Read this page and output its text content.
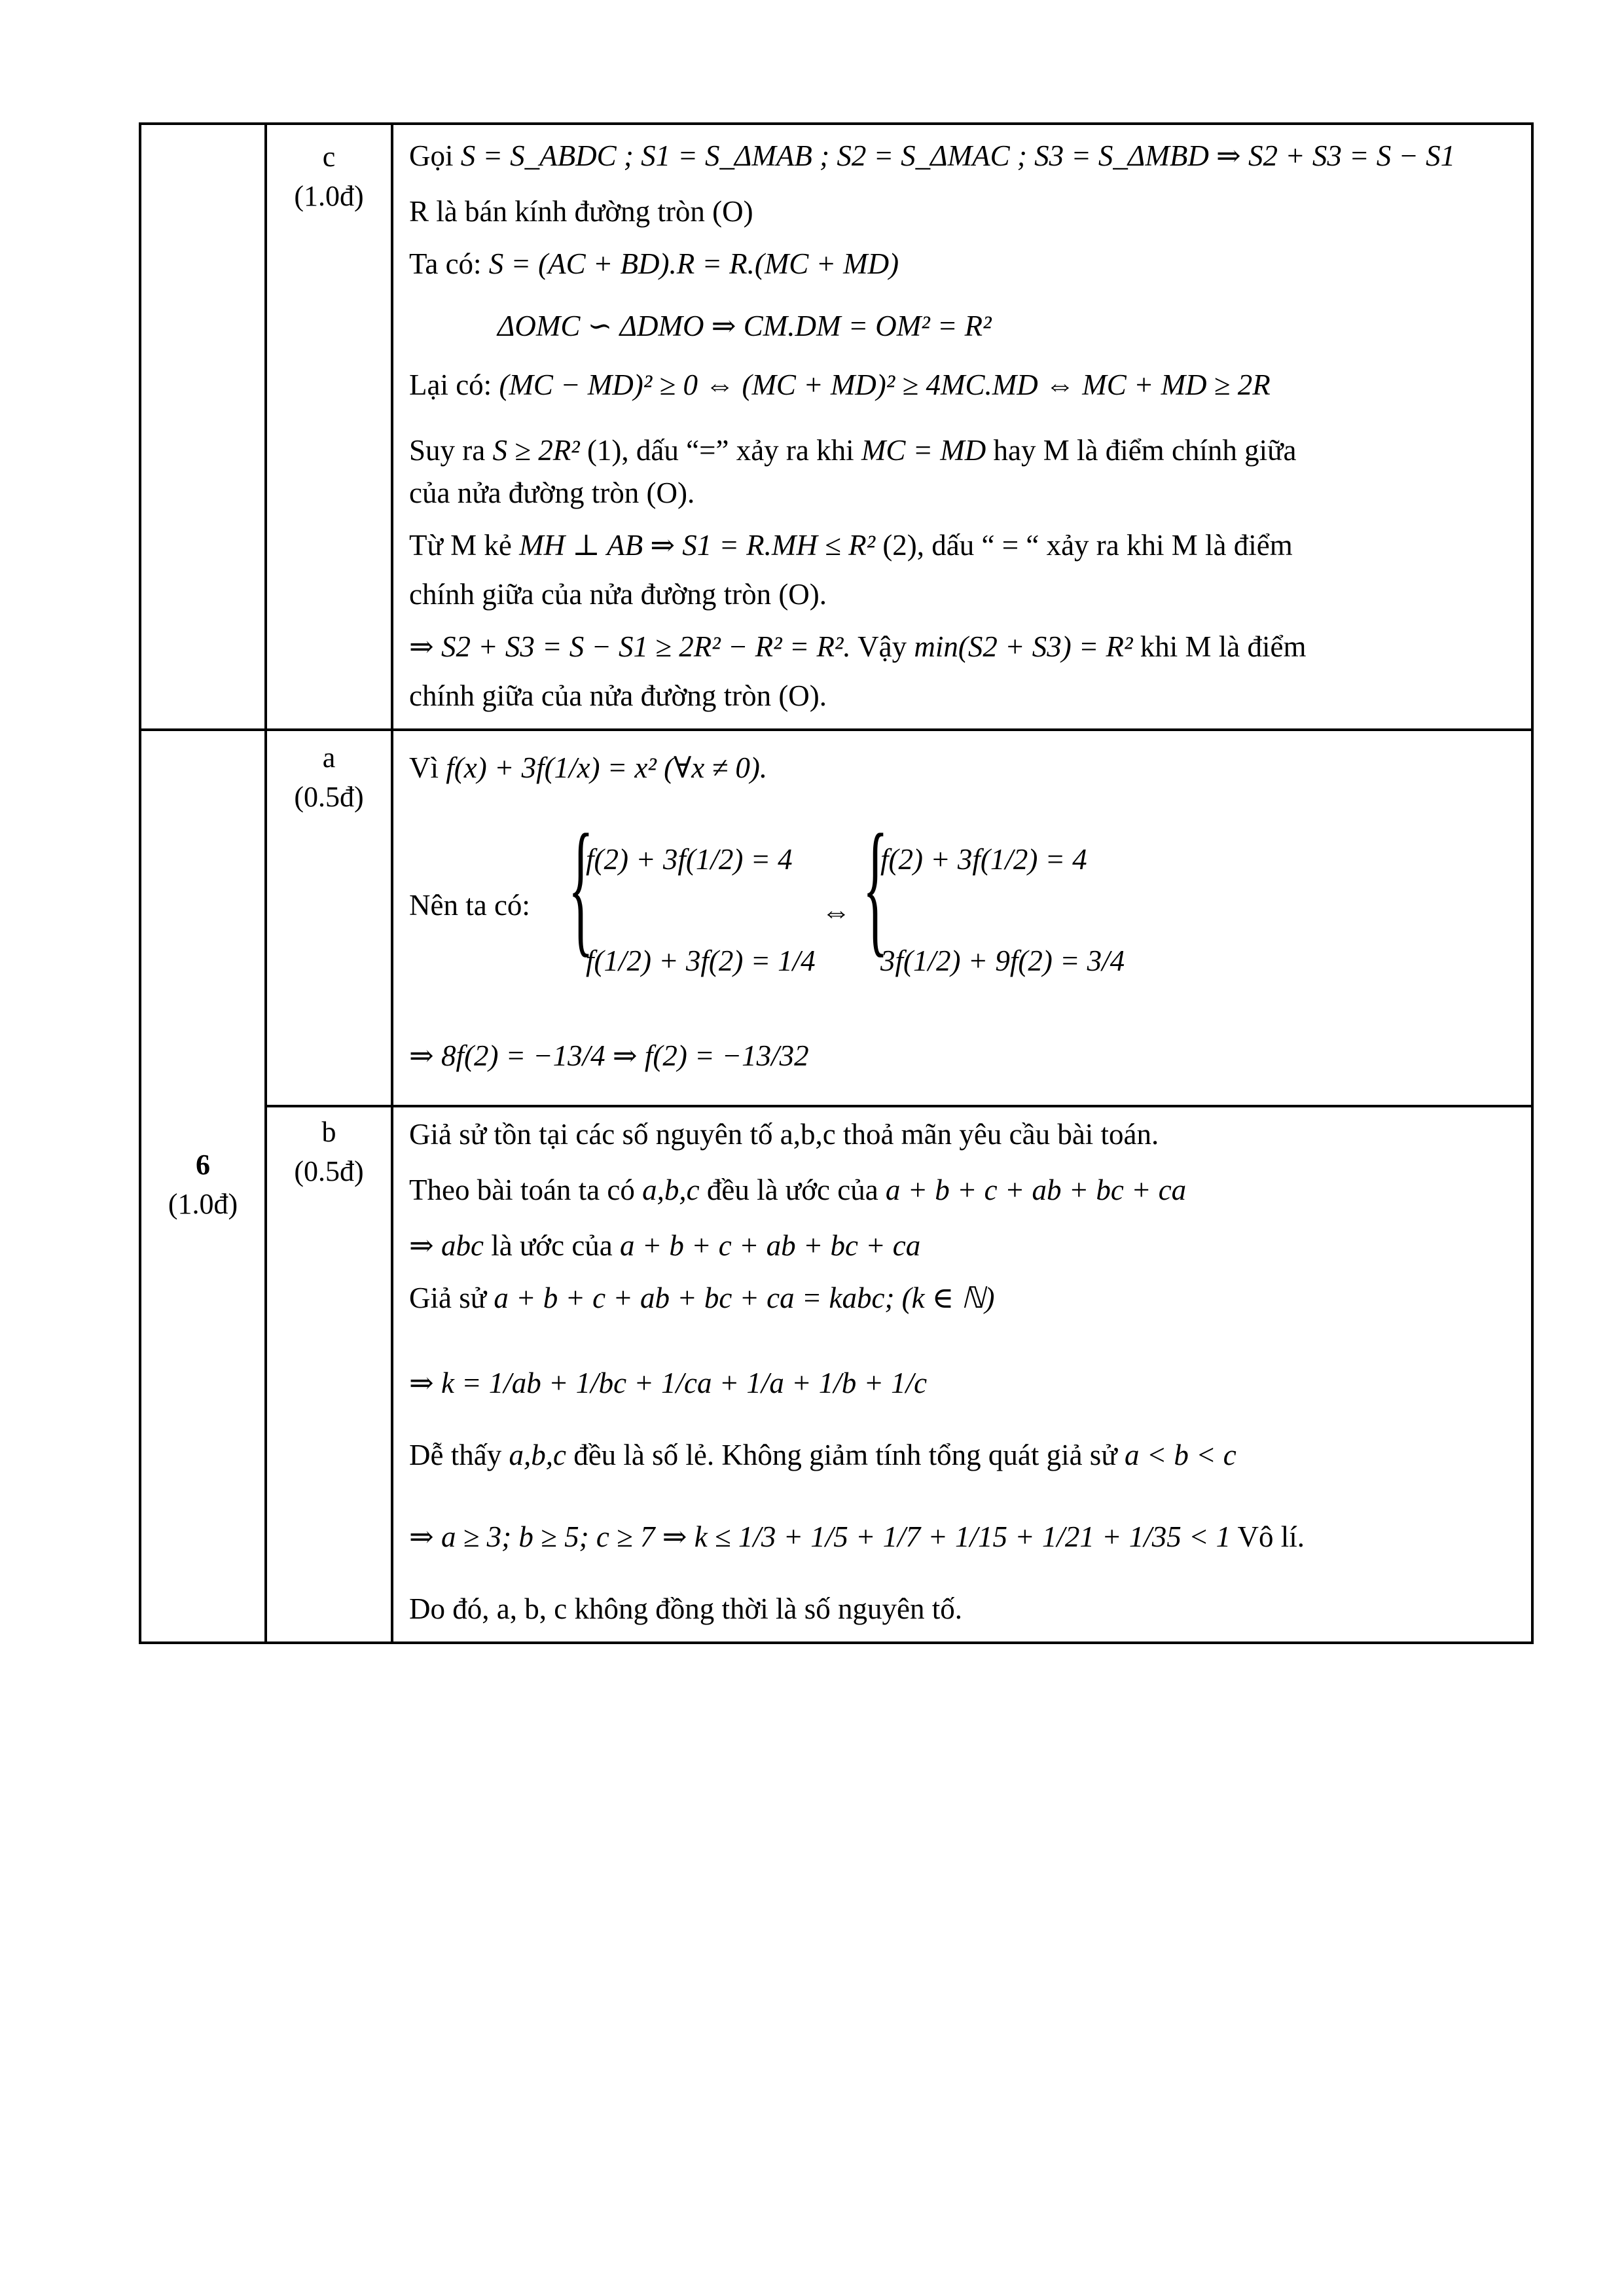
c
(1.0đ)
Gọi S = S_ABDC ; S1 = S_ΔMAB ; S2 = S_ΔMAC ; S3 = S_ΔMBD ⇒ S2 + S3 = S − S1
R là bán kính đường tròn (O)
Ta có: S = (AC + BD).R = R.(MC + MD)
ΔOMC ∽ ΔDMO ⇒ CM.DM = OM² = R²
Lại có: (MC − MD)² ≥ 0 ⇔ (MC + MD)² ≥ 4MC.MD ⇔ MC + MD ≥ 2R
Suy ra S ≥ 2R² (1), dấu “=” xảy ra khi MC = MD hay M là điểm chính giữa
của nửa đường tròn (O).
Từ M kẻ MH ⊥ AB ⇒ S1 = R.MH ≤ R² (2), dấu “ = “ xảy ra khi M là điểm
chính giữa của nửa đường tròn (O).
⇒ S2 + S3 = S − S1 ≥ 2R² − R² = R². Vậy min(S2 + S3) = R² khi M là điểm
chính giữa của nửa đường tròn (O).
6
(1.0đ)
a
(0.5đ)
Vì f(x) + 3f(1/x) = x² (∀x ≠ 0).
Nên ta có: {
f(2) + 3f(1/2) = 4
f(1/2) + 3f(2) = 1/4
⇔ {
f(2) + 3f(1/2) = 4
3f(1/2) + 9f(2) = 3/4
⇒ 8f(2) = −13/4 ⇒ f(2) = −13/32
b
(0.5đ)
Giả sử tồn tại các số nguyên tố a,b,c thoả mãn yêu cầu bài toán.
Theo bài toán ta có a,b,c đều là ước của a + b + c + ab + bc + ca
⇒ abc là ước của a + b + c + ab + bc + ca
Giả sử a + b + c + ab + bc + ca = kabc; (k ∈ ℕ)
⇒ k = 1/ab + 1/bc + 1/ca + 1/a + 1/b + 1/c
Dễ thấy a,b,c đều là số lẻ. Không giảm tính tổng quát giả sử a < b < c
⇒ a ≥ 3; b ≥ 5; c ≥ 7 ⇒ k ≤ 1/3 + 1/5 + 1/7 + 1/15 + 1/21 + 1/35 < 1 Vô lí.
Do đó, a, b, c không đồng thời là số nguyên tố.
